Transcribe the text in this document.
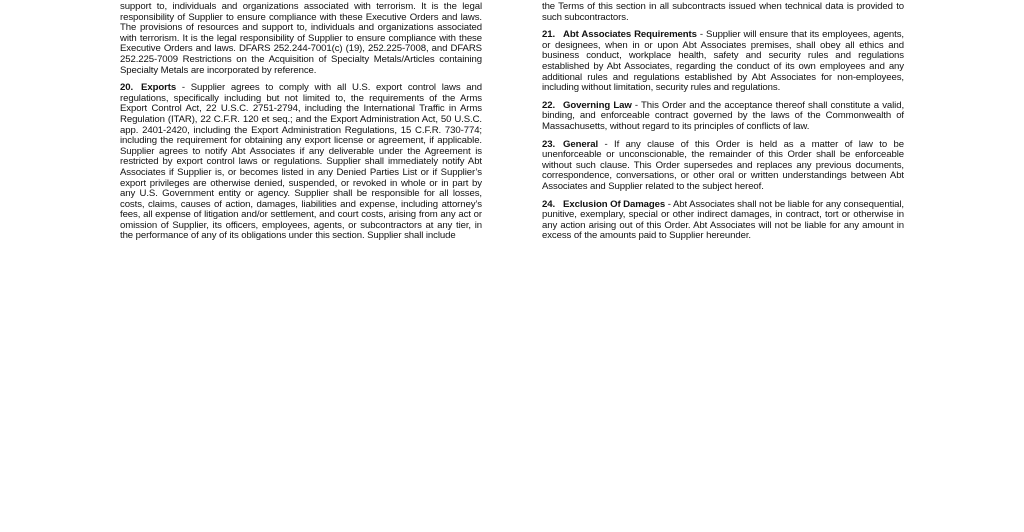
support to, individuals and organizations associated with terrorism. It is the legal responsibility of Supplier to ensure compliance with these Executive Orders and laws. The provisions of resources and support to, individuals and organizations associated with terrorism. It is the legal responsibility of Supplier to ensure compliance with these Executive Orders and laws. DFARS 252.244-7001(c) (19), 252.225-7008, and DFARS 252.225-7009 Restrictions on the Acquisition of Specialty Metals/Articles containing Specialty Metals are incorporated by reference.

20. Exports - Supplier agrees to comply with all U.S. export control laws and regulations, specifically including but not limited to, the requirements of the Arms Export Control Act, 22 U.S.C. 2751-2794, including the International Traffic in Arms Regulation (ITAR), 22 C.F.R. 120 et seq.; and the Export Administration Act, 50 U.S.C. app. 2401-2420, including the Export Administration Regulations, 15 C.F.R. 730-774; including the requirement for obtaining any export license or agreement, if applicable. Supplier agrees to notify Abt Associates if any deliverable under the Agreement is restricted by export control laws or regulations. Supplier shall immediately notify Abt Associates if Supplier is, or becomes listed in any Denied Parties List or if Supplier’s export privileges are otherwise denied, suspended, or revoked in whole or in part by any U.S. Government entity or agency. Supplier shall be responsible for all losses, costs, claims, causes of action, damages, liabilities and expense, including attorney’s fees, all expense of litigation and/or settlement, and court costs, arising from any act or omission of Supplier, its officers, employees, agents, or subcontractors at any tier, in the performance of any of its obligations under this section. Supplier shall include

the Terms of this section in all subcontracts issued when technical data is provided to such subcontractors.

21. Abt Associates Requirements - Supplier will ensure that its employees, agents, or designees, when in or upon Abt Associates premises, shall obey all ethics and business conduct, workplace health, safety and security rules and regulations established by Abt Associates, regarding the conduct of its own employees and any additional rules and regulations established by Abt Associates for non-employees, including without limitation, security rules and regulations.

22. Governing Law - This Order and the acceptance thereof shall constitute a valid, binding, and enforceable contract governed by the laws of the Commonwealth of Massachusetts, without regard to its principles of conflicts of law.

23. General - If any clause of this Order is held as a matter of law to be unenforceable or unconscionable, the remainder of this Order shall be enforceable without such clause. This Order supersedes and replaces any previous documents, correspondence, conversations, or other oral or written understandings between Abt Associates and Supplier related to the subject hereof.

24. Exclusion Of Damages - Abt Associates shall not be liable for any consequential, punitive, exemplary, special or other indirect damages, in contract, tort or otherwise in any action arising out of this Order. Abt Associates will not be liable for any amount in excess of the amounts paid to Supplier hereunder.
